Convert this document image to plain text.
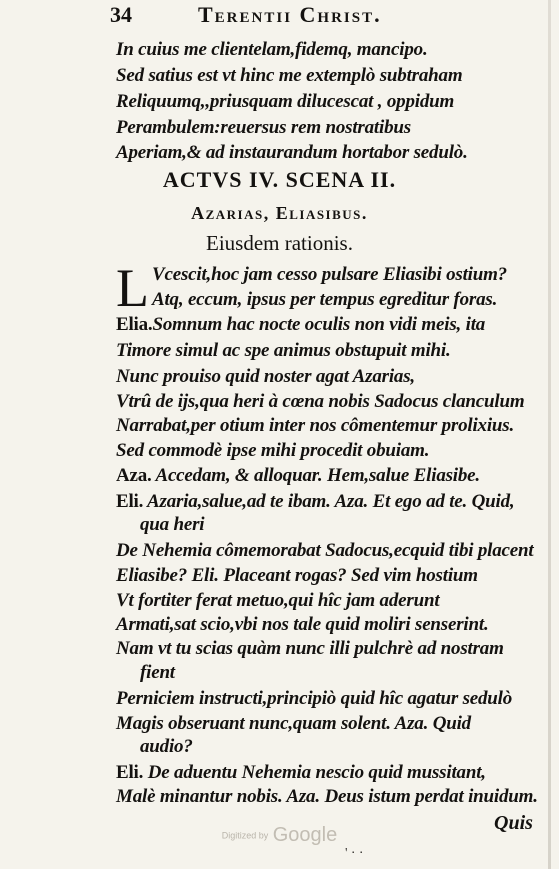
34	Terentii Christ.
In cuius me clientelam,fidemq, mancipo.
Sed satius est vt hinc me extemplò subtraham
Reliquumq,,priusquam dilucescat , oppidum
Perambulem:reuersus rem nostratibus
Aperiam,& ad instaurandum hortabor sedulò.
ACTVS IV. SCENA II.
Azarias, Eliasibus.
Eiusdem rationis.
L Vcescit,hoc jam cesso pulsare Eliasibi ostium?
Atq, eccum, ipsus per tempus egreditur foras.
Elia.Somnum hac nocte oculis non vidi meis, ita
Timore simul ac spe animus obstupuit mihi.
Nunc prouiso quid noster agat Azarias,
Vtrû de ijs,qua heri à cœna nobis Sadocus clanculum
Narrabat,per otium inter nos cômentemur prolixius.
Sed commodè ipse mihi procedit obuiam.
Aza. Accedam, & alloquar. Hem,salue Eliasibe.
Eli. Azaria,salue,ad te ibam. Aza. Et ego ad te. Quid,
qua heri
De Nehemia cômemorabat Sadocus,ecquid tibi placent
Eliasibe? Eli. Placeant rogas? Sed vim hostium
Vt fortiter ferat metuo,qui hîc jam aderunt
Armati,sat scio,vbi nos tale quid moliri senserint.
Nam vt tu scias quàm nunc illi pulchrè ad nostram
fient
Perniciem instructi,principiò quid hîc agatur sedulò
Magis obseruant nunc,quam solent. Aza. Quid
audio?
Eli. De aduentu Nehemia nescio quid mussitant,
Malè minantur nobis. Aza. Deus istum perdat inuidum.
Quis
Digitized by Google
' ⋅ ⋅
